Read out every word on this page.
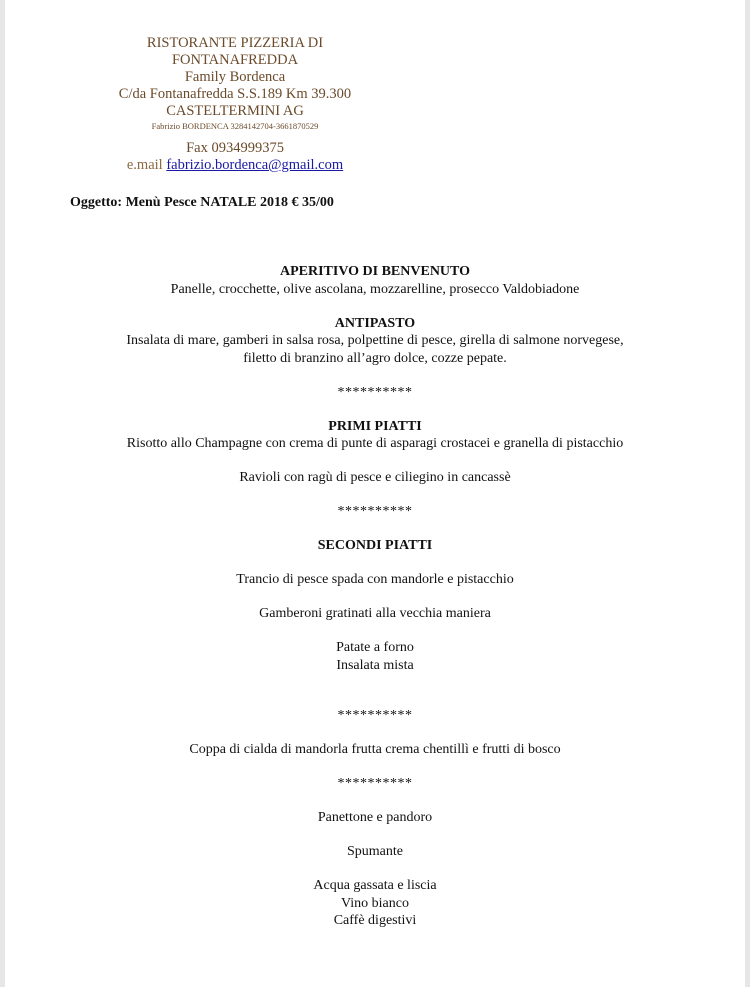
RISTORANTE PIZZERIA DI
FONTANAFREDDA
Family Bordenca
C/da Fontanafredda S.S.189 Km 39.300
CASTELTERMINI AG
Fabrizio BORDENCA 3284142704-3661870529
Fax 0934999375
e.mail fabrizio.bordenca@gmail.com
Oggetto: Menù Pesce NATALE 2018 € 35/00
APERITIVO DI BENVENUTO
Panelle, crocchette, olive ascolana, mozzarelline, prosecco Valdobiadone
ANTIPASTO
Insalata di mare, gamberi in salsa rosa, polpettine di pesce, girella di salmone norvegese,
filetto di branzino all’agro dolce, cozze pepate.
**********
PRIMI PIATTI
Risotto allo Champagne con crema di punte di asparagi crostacei e granella di pistacchio
Ravioli con ragù di pesce e ciliegino in cancassè
**********
SECONDI PIATTI
Trancio di pesce spada con mandorle e pistacchio
Gamberoni gratinati alla vecchia maniera
Patate a forno
Insalata mista
**********
Coppa di cialda di mandorla frutta crema chentillì e frutti di bosco
**********
Panettone e pandoro
Spumante
Acqua gassata e liscia
Vino bianco
Caffè digestivi
